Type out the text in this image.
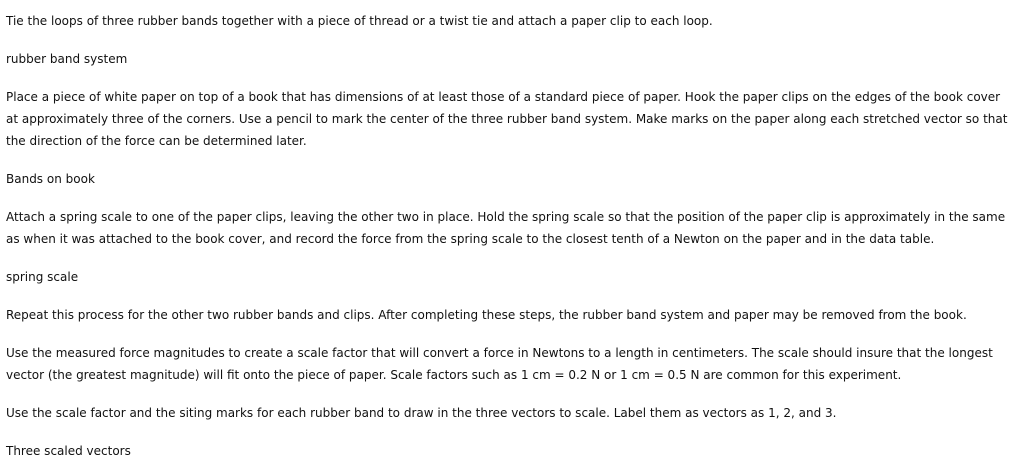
Tie the loops of three rubber bands together with a piece of thread or a twist tie and attach a paper clip to each loop.

rubber band system

Place a piece of white paper on top of a book that has dimensions of at least those of a standard piece of paper. Hook the paper clips on the edges of the book cover at approximately three of the corners. Use a pencil to mark the center of the three rubber band system. Make marks on the paper along each stretched vector so that the direction of the force can be determined later.

Bands on book

Attach a spring scale to one of the paper clips, leaving the other two in place. Hold the spring scale so that the position of the paper clip is approximately in the same as when it was attached to the book cover, and record the force from the spring scale to the closest tenth of a Newton on the paper and in the data table.

spring scale

Repeat this process for the other two rubber bands and clips. After completing these steps, the rubber band system and paper may be removed from the book.

Use the measured force magnitudes to create a scale factor that will convert a force in Newtons to a length in centimeters. The scale should insure that the longest vector (the greatest magnitude) will fit onto the piece of paper. Scale factors such as 1 cm = 0.2 N or 1 cm = 0.5 N are common for this experiment.

Use the scale factor and the siting marks for each rubber band to draw in the three vectors to scale. Label them as vectors as 1, 2, and 3.

Three scaled vectors
